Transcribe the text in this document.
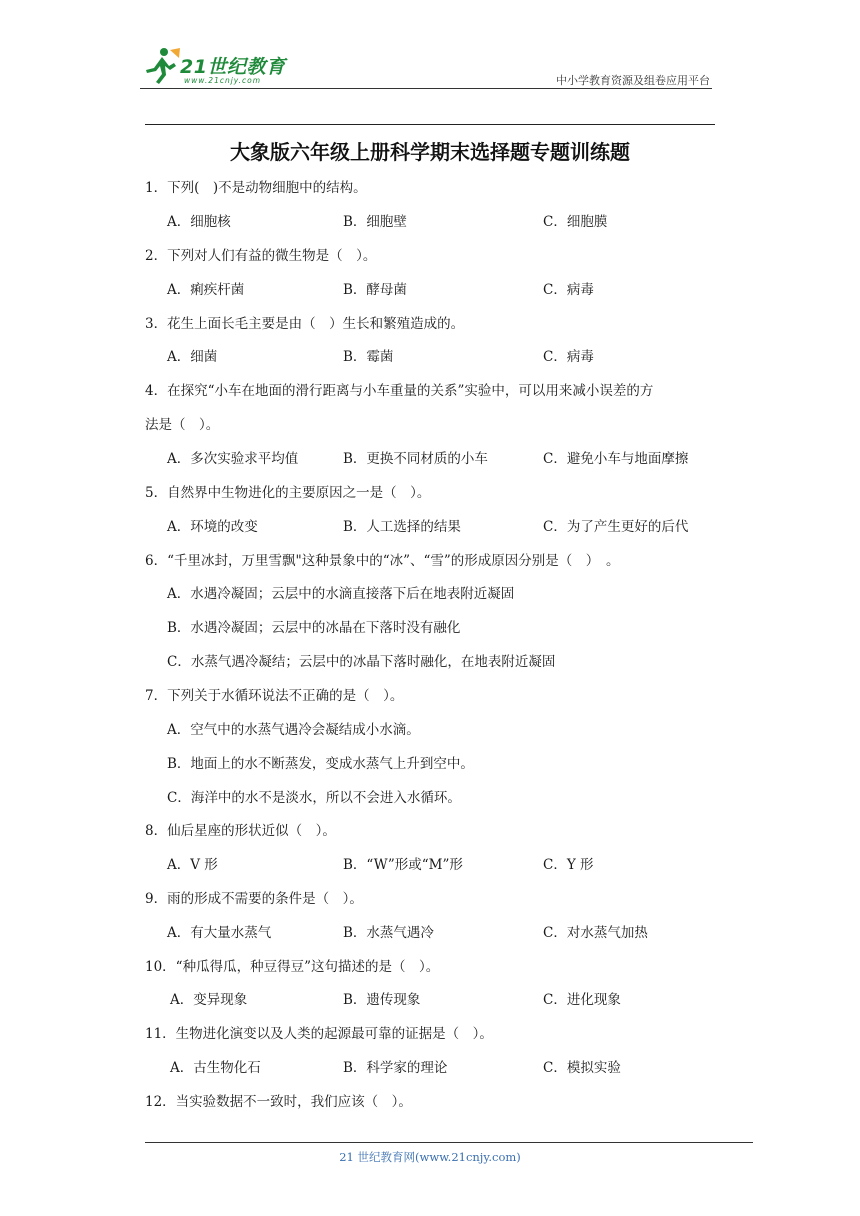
21世纪教育
www.21cnjy.com	中小学教育资源及组卷应用平台
大象版六年级上册科学期末选择题专题训练题
1．下列(　)不是动物细胞中的结构。
A．细胞核	B．细胞壁	C．细胞膜
2．下列对人们有益的微生物是（　）。
A．痢疾杆菌	B．酵母菌	C．病毒
3．花生上面长毛主要是由（　）生长和繁殖造成的。
A．细菌	B．霉菌	C．病毒
4．在探究“小车在地面的滑行距离与小车重量的关系”实验中，可以用来减小误差的方
法是（　）。
A．多次实验求平均值	B．更换不同材质的小车	C．避免小车与地面摩擦
5．自然界中生物进化的主要原因之一是（　）。
A．环境的改变	B．人工选择的结果	C．为了产生更好的后代
6．“千里冰封，万里雪飘"这种景象中的“冰”、“雪”的形成原因分别是（　）　。
A．水遇冷凝固；云层中的水滴直接落下后在地表附近凝固
B．水遇冷凝固；云层中的冰晶在下落时没有融化
C．水蒸气遇冷凝结；云层中的冰晶下落时融化，在地表附近凝固
7．下列关于水循环说法不正确的是（　）。
A．空气中的水蒸气遇冷会凝结成小水滴。
B．地面上的水不断蒸发，变成水蒸气上升到空中。
C．海洋中的水不是淡水，所以不会进入水循环。
8．仙后星座的形状近似（　）。
A．V 形	B．“W”形或“M”形	C．Y 形
9．雨的形成不需要的条件是（　）。
A．有大量水蒸气	B．水蒸气遇冷	C．对水蒸气加热
10．“种瓜得瓜，种豆得豆”这句描述的是（　）。
A．变异现象	B．遗传现象	C．进化现象
11．生物进化演变以及人类的起源最可靠的证据是（　）。
A．古生物化石	B．科学家的理论	C．模拟实验
12．当实验数据不一致时，我们应该（　）。
21 世纪教育网(www.21cnjy.com)
